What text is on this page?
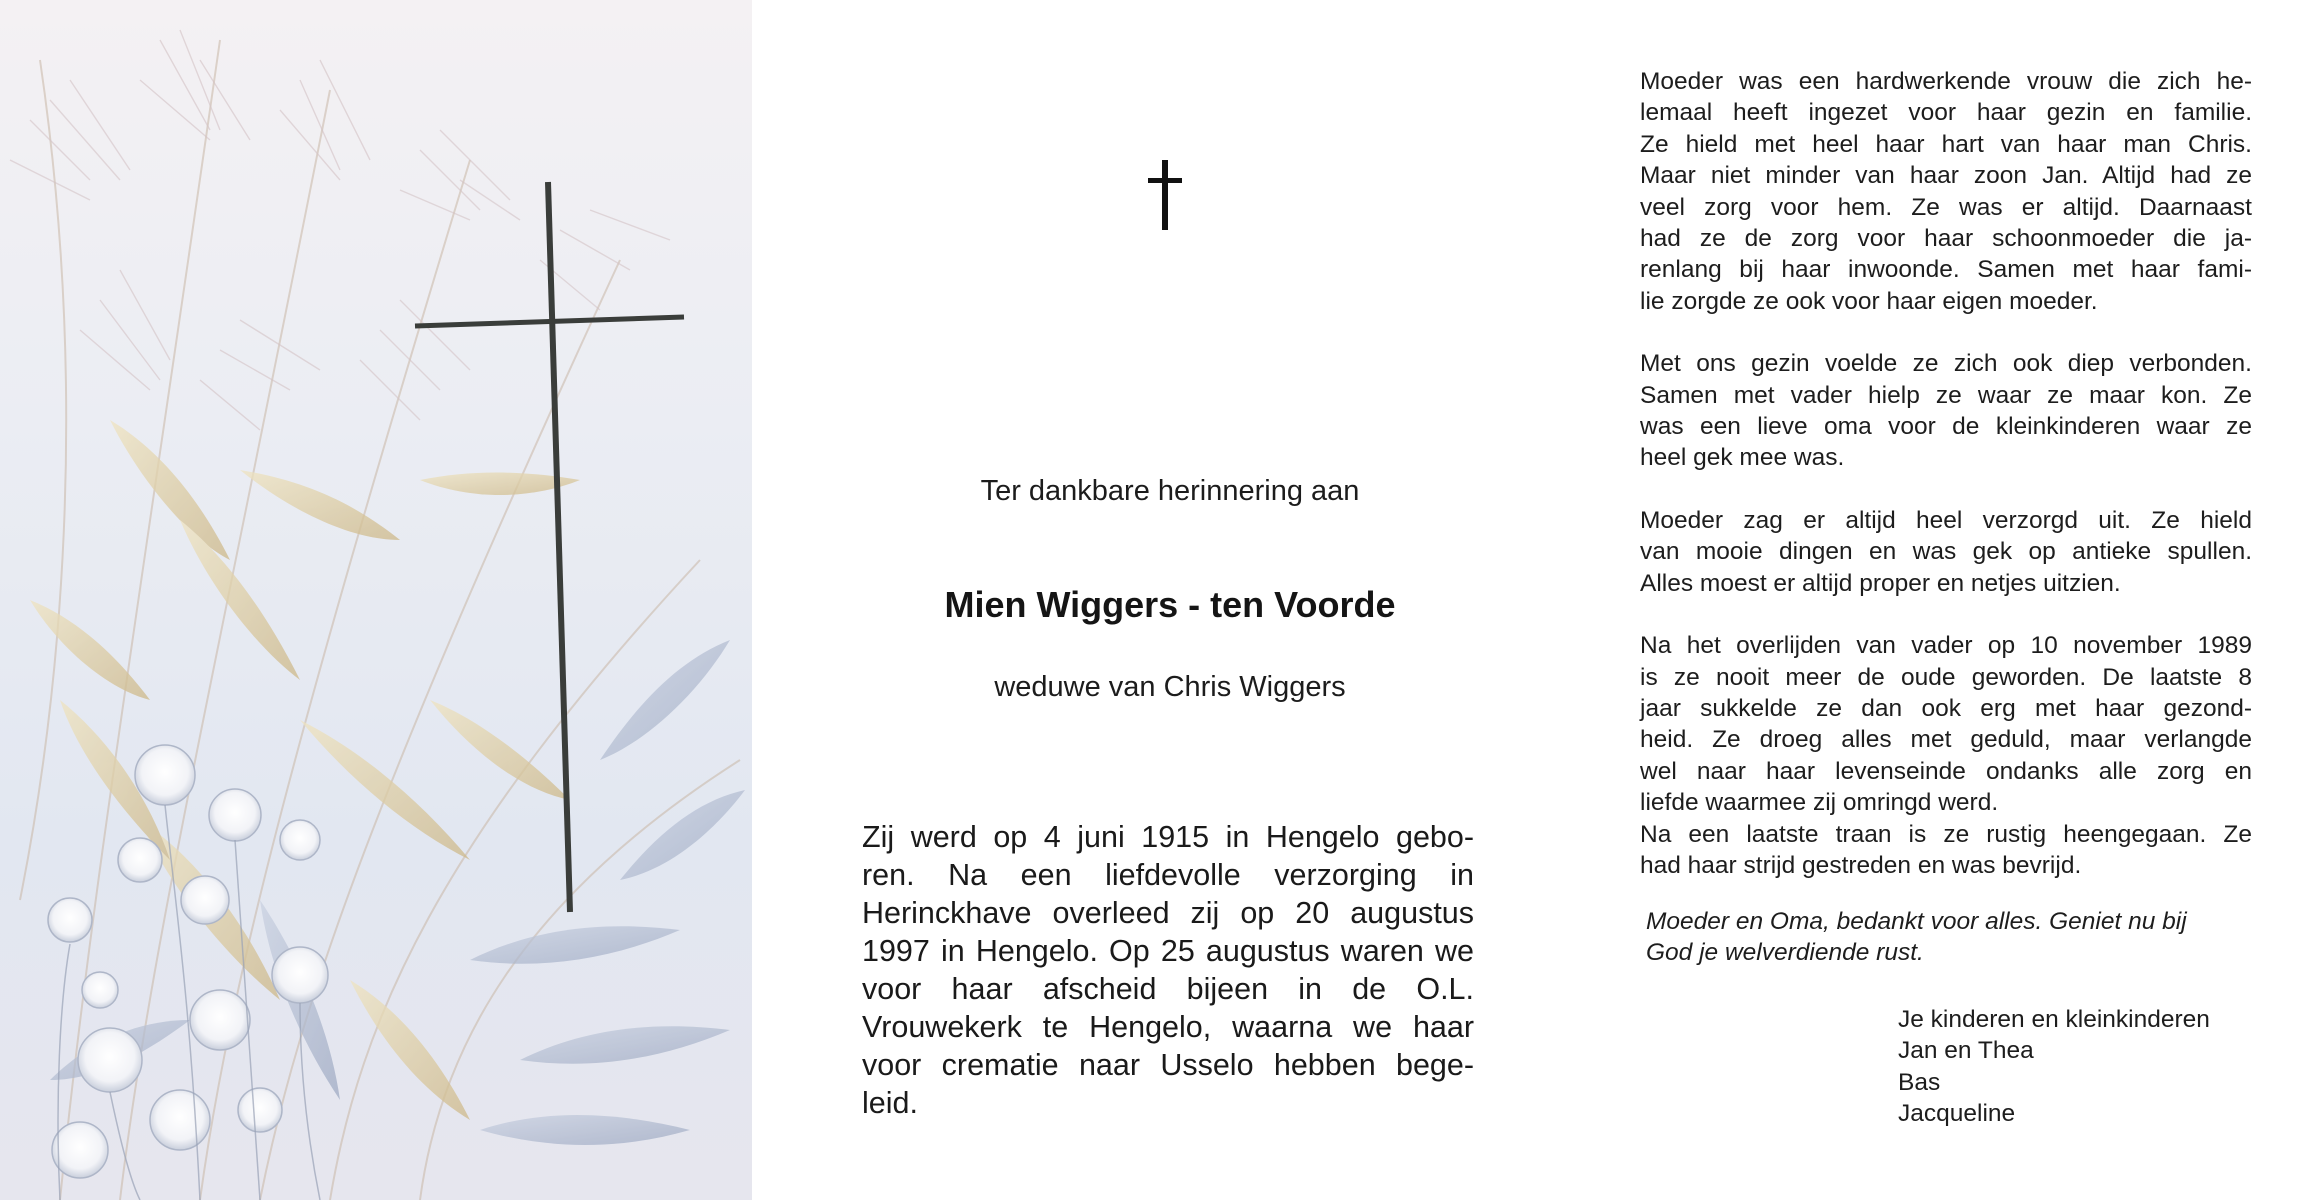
Ter dankbare herinnering aan
Mien Wiggers - ten Voorde
weduwe van Chris Wiggers
Zij werd op 4 juni 1915 in Hengelo gebo-
ren. Na een liefdevolle verzorging in
Herinckhave overleed zij op 20 augustus
1997 in Hengelo. Op 25 augustus waren we
voor haar afscheid bijeen in de O.L.
Vrouwekerk te Hengelo, waarna we haar
voor crematie naar Usselo hebben bege-
leid.
Moeder was een hardwerkende vrouw die zich he-
lemaal heeft ingezet voor haar gezin en familie.
Ze hield met heel haar hart van haar man Chris.
Maar niet minder van haar zoon Jan. Altijd had ze
veel zorg voor hem. Ze was er altijd. Daarnaast
had ze de zorg voor haar schoonmoeder die ja-
renlang bij haar inwoonde. Samen met haar fami-
lie zorgde ze ook voor haar eigen moeder.
Met ons gezin voelde ze zich ook diep verbonden.
Samen met vader hielp ze waar ze maar kon. Ze
was een lieve oma voor de kleinkinderen waar ze
heel gek mee was.
Moeder zag er altijd heel verzorgd uit. Ze hield
van mooie dingen en was gek op antieke spullen.
Alles moest er altijd proper en netjes uitzien.
Na het overlijden van vader op 10 november 1989
is ze nooit meer de oude geworden. De laatste 8
jaar sukkelde ze dan ook erg met haar gezond-
heid. Ze droeg alles met geduld, maar verlangde
wel naar haar levenseinde ondanks alle zorg en
liefde waarmee zij omringd werd.
Na een laatste traan is ze rustig heengegaan. Ze
had haar strijd gestreden en was bevrijd.
Moeder en Oma, bedankt voor alles. Geniet nu bij
God je welverdiende rust.
Je kinderen en kleinkinderen
Jan en Thea
Bas
Jacqueline
